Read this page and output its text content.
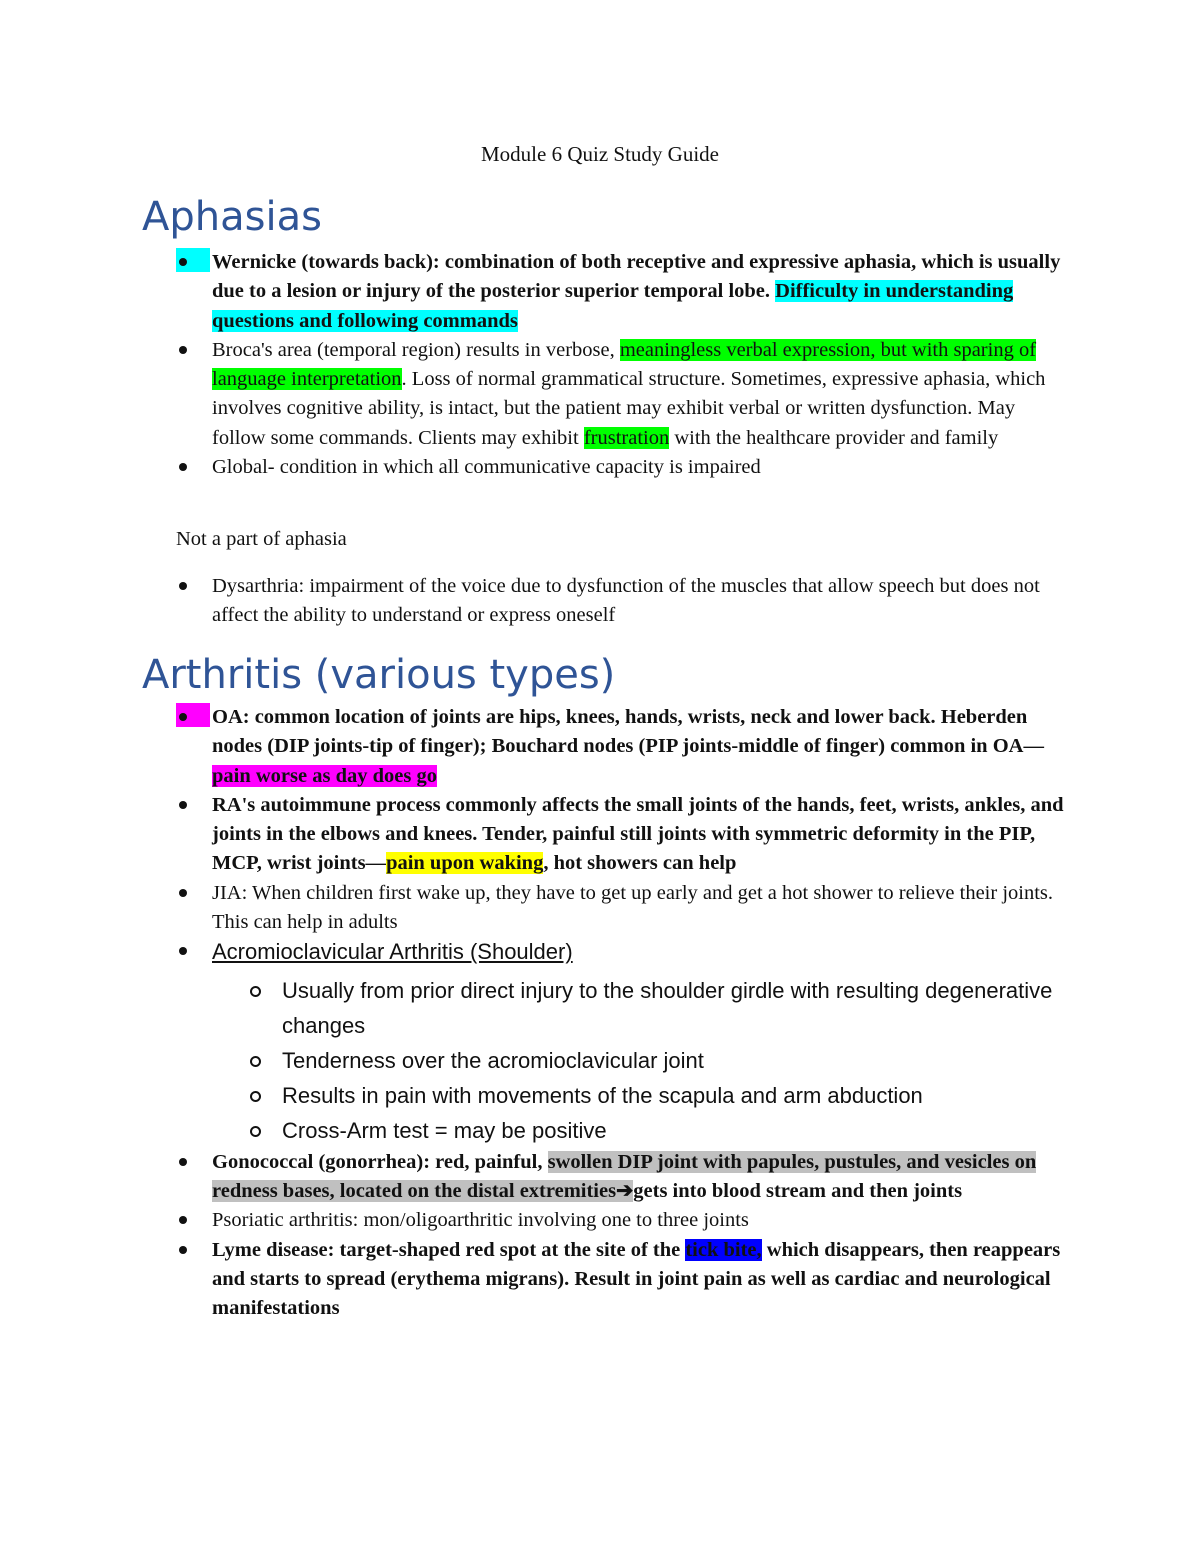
Module 6 Quiz Study Guide
Aphasias
Wernicke (towards back): combination of both receptive and expressive aphasia, which is usually due to a lesion or injury of the posterior superior temporal lobe. Difficulty in understanding questions and following commands
Broca's area (temporal region) results in verbose, meaningless verbal expression, but with sparing of language interpretation. Loss of normal grammatical structure. Sometimes, expressive aphasia, which involves cognitive ability, is intact, but the patient may exhibit verbal or written dysfunction. May follow some commands. Clients may exhibit frustration with the healthcare provider and family
Global- condition in which all communicative capacity is impaired
Not a part of aphasia
Dysarthria: impairment of the voice due to dysfunction of the muscles that allow speech but does not affect the ability to understand or express oneself
Arthritis (various types)
OA: common location of joints are hips, knees, hands, wrists, neck and lower back. Heberden nodes (DIP joints-tip of finger); Bouchard nodes (PIP joints-middle of finger) common in OA—pain worse as day does go
RA's autoimmune process commonly affects the small joints of the hands, feet, wrists, ankles, and joints in the elbows and knees. Tender, painful still joints with symmetric deformity in the PIP, MCP, wrist joints—pain upon waking, hot showers can help
JIA: When children first wake up, they have to get up early and get a hot shower to relieve their joints. This can help in adults
Acromioclavicular Arthritis (Shoulder)
Usually from prior direct injury to the shoulder girdle with resulting degenerative changes
Tenderness over the acromioclavicular joint
Results in pain with movements of the scapula and arm abduction
Cross-Arm test = may be positive
Gonococcal (gonorrhea): red, painful, swollen DIP joint with papules, pustules, and vesicles on redness bases, located on the distal extremities➔gets into blood stream and then joints
Psoriatic arthritis: mon/oligoarthritic involving one to three joints
Lyme disease: target-shaped red spot at the site of the tick bite, which disappears, then reappears and starts to spread (erythema migrans). Result in joint pain as well as cardiac and neurological manifestations
